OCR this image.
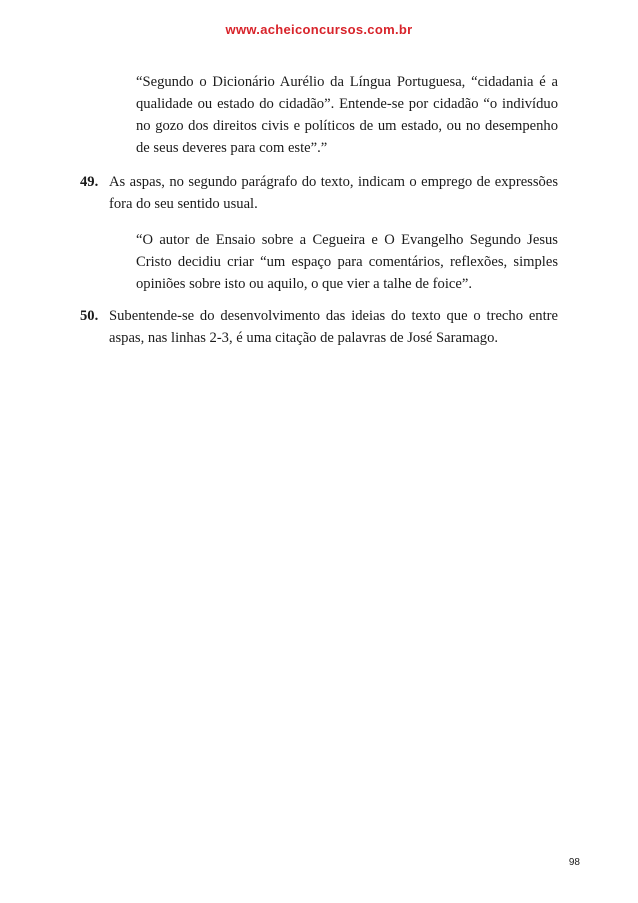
www.acheiconcursos.com.br
“Segundo o Dicionário Aurélio da Língua Portuguesa, “cidadania é a qualidade ou estado do cidadão”. Entende-se por cidadão “o indivíduo no gozo dos direitos civis e políticos de um estado, ou no desempenho de seus deveres para com este”.”
49. As aspas, no segundo parágrafo do texto, indicam o emprego de expressões fora do seu sentido usual.
“O autor de Ensaio sobre a Cegueira e O Evangelho Segundo Jesus Cristo decidiu criar “um espaço para comentários, reflexões, simples opiniões sobre isto ou aquilo, o que vier a talhe de foice”.
50. Subentende-se do desenvolvimento das ideias do texto que o trecho entre aspas, nas linhas 2-3, é uma citação de palavras de José Saramago.
98
